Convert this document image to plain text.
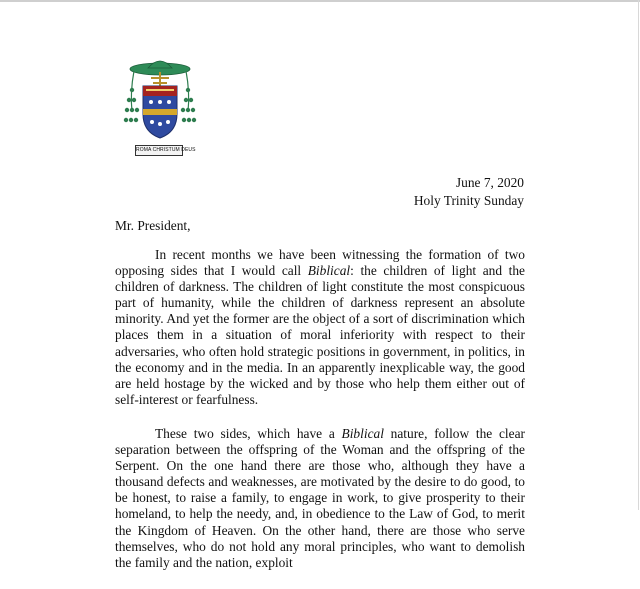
ROMA CHRISTUM DEUS
June 7, 2020
Holy Trinity Sunday
Mr. President,

In recent months we have been witnessing the formation of two opposing sides that I would call Biblical: the children of light and the children of darkness. The children of light constitute the most conspicuous part of humanity, while the children of darkness represent an absolute minority. And yet the former are the object of a sort of discrimination which places them in a situation of moral inferiority with respect to their adversaries, who often hold strategic positions in government, in politics, in the economy and in the media. In an apparently inexplicable way, the good are held hostage by the wicked and by those who help them either out of self-interest or fearfulness.

These two sides, which have a Biblical nature, follow the clear separation between the offspring of the Woman and the offspring of the Serpent. On the one hand there are those who, although they have a thousand defects and weaknesses, are motivated by the desire to do good, to be honest, to raise a family, to engage in work, to give prosperity to their homeland, to help the needy, and, in obedience to the Law of God, to merit the Kingdom of Heaven. On the other hand, there are those who serve themselves, who do not hold any moral principles, who want to demolish the family and the nation, exploit
